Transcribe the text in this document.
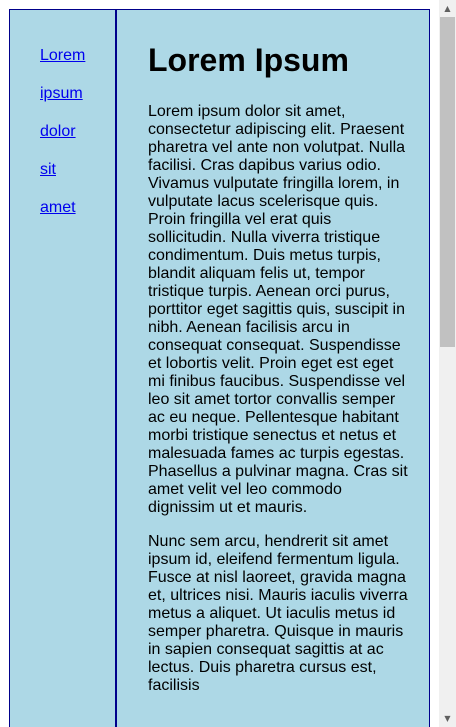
Lorem
ipsum
dolor
sit
amet
Lorem Ipsum

Lorem ipsum dolor sit amet, consectetur adipiscing elit. Praesent pharetra vel ante non volutpat. Nulla facilisi. Cras dapibus varius odio. Vivamus vulputate fringilla lorem, in vulputate lacus scelerisque quis. Proin fringilla vel erat quis sollicitudin. Nulla viverra tristique condimentum. Duis metus turpis, blandit aliquam felis ut, tempor tristique turpis. Aenean orci purus, porttitor eget sagittis quis, suscipit in nibh. Aenean facilisis arcu in consequat consequat. Suspendisse et lobortis velit. Proin eget est eget mi finibus faucibus. Suspendisse vel leo sit amet tortor convallis semper ac eu neque. Pellentesque habitant morbi tristique senectus et netus et malesuada fames ac turpis egestas. Phasellus a pulvinar magna. Cras sit amet velit vel leo commodo dignissim ut et mauris.

Nunc sem arcu, hendrerit sit amet ipsum id, eleifend fermentum ligula. Fusce at nisl laoreet, gravida magna et, ultrices nisi. Mauris iaculis viverra metus a aliquet. Ut iaculis metus id semper pharetra. Quisque in mauris in sapien consequat sagittis at ac lectus. Duis pharetra cursus est, facilisis

▲
▼
